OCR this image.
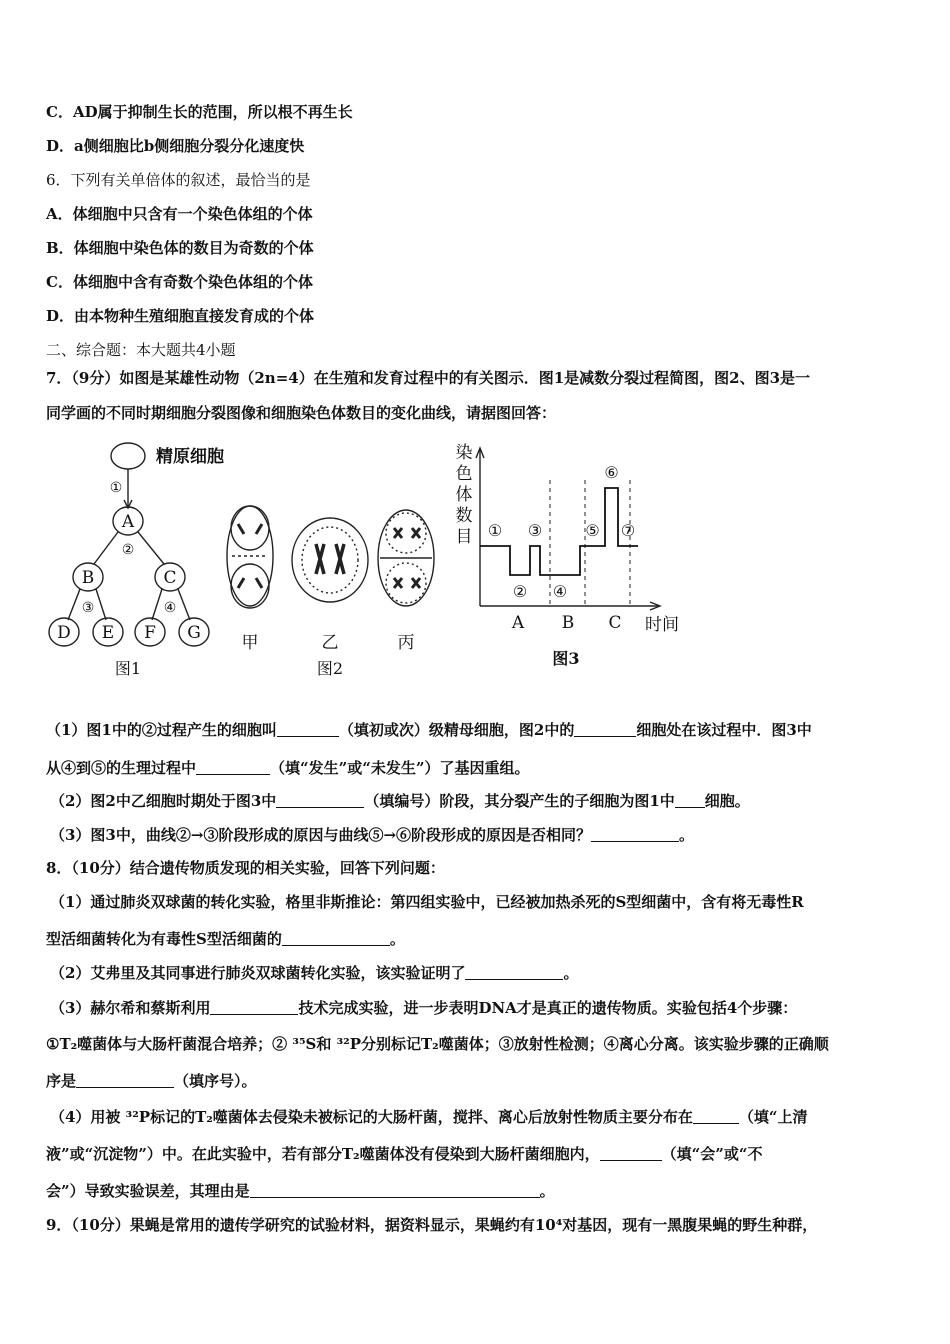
C．AD属于抑制生长的范围，所以根不再生长
D．a侧细胞比b侧细胞分裂分化速度快
6．下列有关单倍体的叙述，最恰当的是
A．体细胞中只含有一个染色体组的个体
B．体细胞中染色体的数目为奇数的个体
C．体细胞中含有奇数个染色体组的个体
D．由本物种生殖细胞直接发育成的个体
二、综合题：本大题共4小题
7．（9分）如图是某雄性动物（2n=4）在生殖和发育过程中的有关图示．图1是减数分裂过程简图，图2、图3是一
同学画的不同时期细胞分裂图像和细胞染色体数目的变化曲线，请据图回答：
精原细胞
A
B	C
D E F G
①
②
③	④
图1
甲	乙	丙
图2
染
色
体
数
目
A B C 时间
图3
①
②
③
④
⑤
⑥
⑦
（1）图1中的②过程产生的细胞叫	（填初或次）级精母细胞，图2中的	细胞处在该过程中．图3中
从④到⑤的生理过程中	（填“发生”或“未发生”）了基因重组。
（2）图2中乙细胞时期处于图3中	（填编号）阶段，其分裂产生的子细胞为图1中 细胞。
（3）图3中，曲线②→③阶段形成的原因与曲线⑤→⑥阶段形成的原因是否相同？	。
8．（10分）结合遗传物质发现的相关实验，回答下列问题：
（1）通过肺炎双球菌的转化实验，格里非斯推论：第四组实验中，已经被加热杀死的S型细菌中，含有将无毒性R
型活细菌转化为有毒性S型活细菌的	。
（2）艾弗里及其同事进行肺炎双球菌转化实验，该实验证明了	。
（3）赫尔希和蔡斯利用	技术完成实验，进一步表明DNA才是真正的遗传物质。实验包括4个步骤：
①T₂噬菌体与大肠杆菌混合培养；② ³⁵S和 ³²P分别标记T₂噬菌体；③放射性检测；④离心分离。该实验步骤的正确顺
序是	（填序号）。
（4）用被 ³²P标记的T₂噬菌体去侵染未被标记的大肠杆菌，搅拌、离心后放射性物质主要分布在	（填“上清
液”或“沉淀物”）中。在此实验中，若有部分T₂噬菌体没有侵染到大肠杆菌细胞内，	（填“会”或“不
会”）导致实验误差，其理由是	。
9．（10分）果蝇是常用的遗传学研究的试验材料，据资料显示，果蝇约有10⁴对基因，现有一黑腹果蝇的野生种群，
